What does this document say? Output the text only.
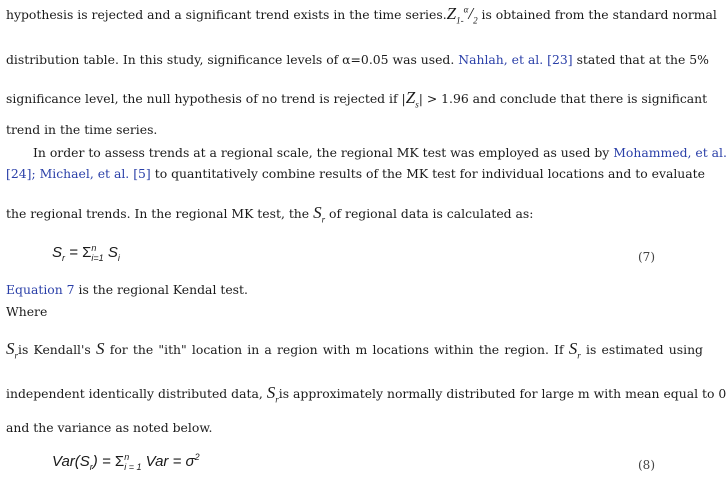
hypothesis is rejected and a significant trend exists in the time $series.Z_{1-}^\alpha/_2$ is obtained from the standard normal
distribution table. In this study, significance levels of α=0.05 was used. Nahlah, et al. [23] stated that at the 5%
significance level, the null hypothesis of no trend is rejected if $|Z_s| > 1.96$ and conclude that there is significant
trend in the time series.
In order to assess trends at a regional scale, the regional MK test was employed as used by Mohammed, et al.
[24]; Michael, et al. [5] to quantitatively combine results of the MK test for individual locations and to evaluate
the regional trends. In the regional MK test, the $S_r$ of regional data is calculated as:
$S_r = \Sigma^n_{i=1}$ $S_i$	(7)
Equation 7 is the regional Kendal test.
Where
$S_ris$ Kendall's S for the "ith" location in a region with m locations within the region. If $S_r$ is estimated using
independent identically distributed data, $S_ris$ approximately normally distributed for large m with mean equal to 0
and the variance as noted below.
$Var(S_r) = \Sigma^n_{i = 1}$ Var = $\sigma^2$
(8)
